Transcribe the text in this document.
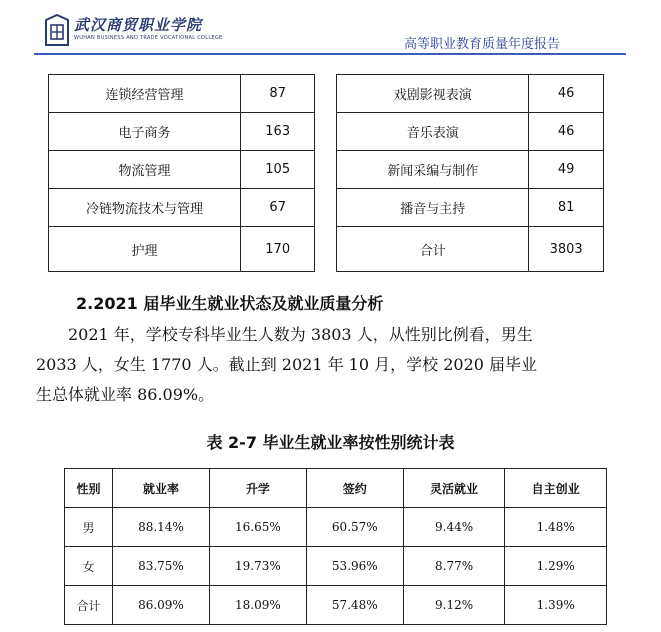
武汉商贸职业学院
WUHAN BUSINESS AND TRADE VOCATIONAL COLLEGE	高等职业教育质量年度报告
连锁经营管理	87		戏剧影视表演	46
电子商务	163		音乐表演	46
物流管理	105		新闻采编与制作	49
冷链物流技术与管理	67		播音与主持	81
护理	170		合计	3803
2.2021 届毕业生就业状态及就业质量分析
2021 年，学校专科毕业生人数为 3803 人，从性别比例看，男生
2033 人，女生 1770 人。截止到 2021 年 10 月，学校 2020 届毕业
生总体就业率 86.09%。
表 2-7 毕业生就业率按性别统计表
性别	就业率	升学	签约	灵活就业	自主创业
男	88.14%	16.65%	60.57%	9.44%	1.48%
女	83.75%	19.73%	53.96%	8.77%	1.29%
合计	86.09%	18.09%	57.48%	9.12%	1.39%
